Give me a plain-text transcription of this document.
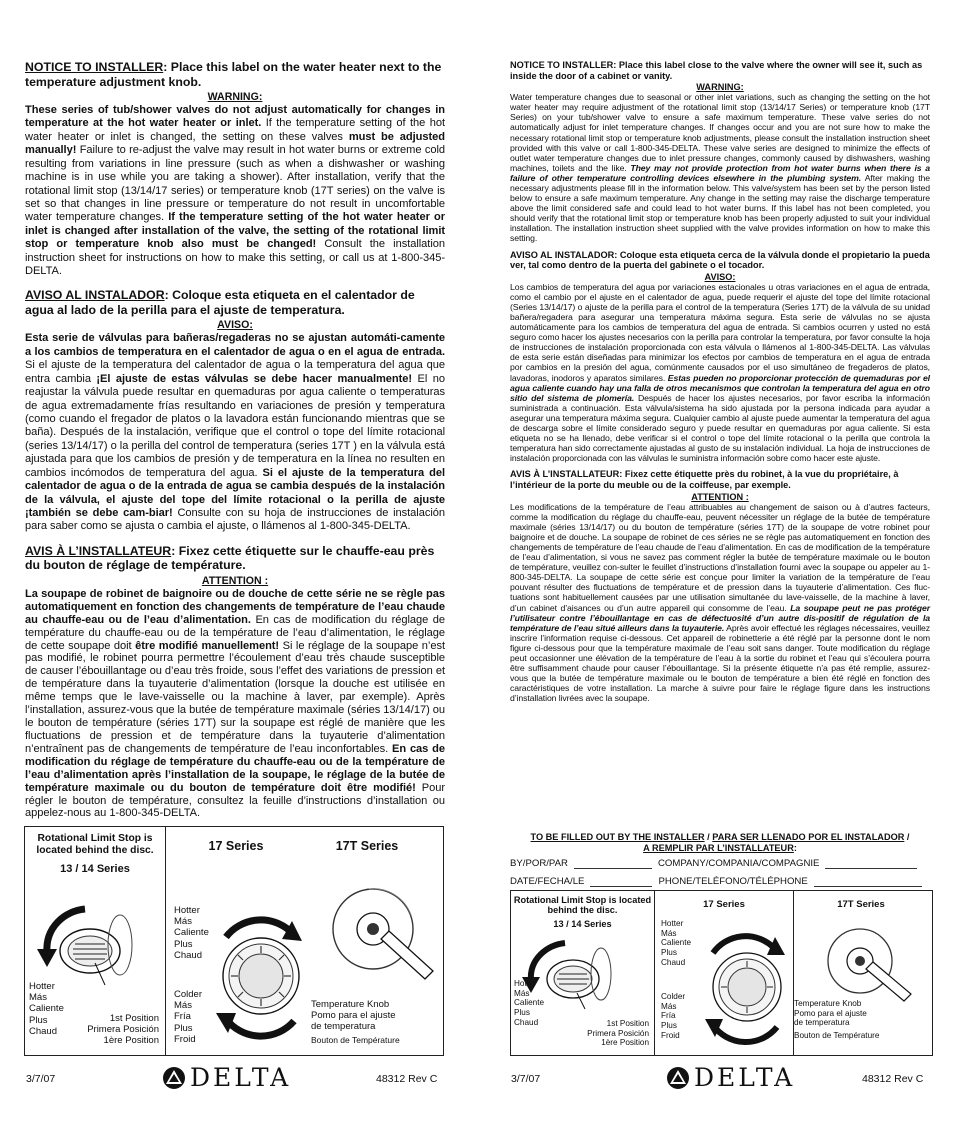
NOTICE TO INSTALLER: Place this label on the water heater next to the temperature adjustment knob.

WARNING:

These series of tub/shower valves do not adjust automatically for changes in temperature at the hot water heater or inlet. If the temperature setting of the hot water heater or inlet is changed, the setting on these valves must be adjusted manually! Failure to re-adjust the valve may result in hot water burns or extreme cold resulting from variations in line pressure (such as when a dishwasher or washing machine is in use while you are taking a shower). After installation, verify that the rotational limit stop (13/14/17 series) or temperature knob (17T series) on the valve is set so that changes in line pressure or temperature do not result in uncomfortable water temperature changes. If the temperature setting of the hot water heater or inlet is changed after installation of the valve, the setting of the rotational limit stop or temperature knob also must be changed! Consult the installation instruction sheet for instructions on how to make this setting, or call us at 1-800-345-DELTA.

AVISO AL INSTALADOR: Coloque esta etiqueta en el calentador de agua al lado de la perilla para el ajuste de temperatura.

AVISO:

Esta serie de válvulas para bañeras/regaderas no se ajustan automáti-camente a los cambios de temperatura en el calentador de agua o en el agua de entrada. Si el ajuste de la temperatura del calentador de agua o la temperatura del agua que entra cambia ¡El ajuste de estas válvulas se debe hacer manualmente! El no reajustar la válvula puede resultar en quemaduras por agua caliente o temperaturas de agua extremadamente frías resultando en variaciones de presión y temperatura (como cuando el fregador de platos o la lavadora están funcionando mientras que se baña). Después de la instalación, verifique que el control o tope del límite rotacional (series 13/14/17) o la perilla del control de temperatura (series 17T ) en la válvula está ajustada para que los cambios de presión y de temperatura en la línea no resulten en cambios incómodos de temperatura del agua. Si el ajuste de la temperatura del calentador de agua o de la entrada de agua se cambia después de la instalación de la válvula, el ajuste del tope del límite rotacional o la perilla de ajuste ¡también se debe cam-biar! Consulte con su hoja de instrucciones de instalación para saber como se ajusta o cambia el ajuste, o llámenos al 1-800-345-DELTA.

AVIS À L’INSTALLATEUR: Fixez cette étiquette sur le chauffe-eau près du bouton de réglage de température.

ATTENTION :

La soupape de robinet de baignoire ou de douche de cette série ne se règle pas automatiquement en fonction des changements de température de l’eau chaude au chauffe-eau ou de l’eau d’alimentation. En cas de modification du réglage de température du chauffe-eau ou de la température de l’eau d’alimentation, le réglage de cette soupape doit être modifié manuellement! Si le réglage de la soupape n’est pas modifié, le robinet pourra permettre l’écoulement d’eau très chaude susceptible de causer l’ébouillantage ou d’eau très froide, sous l’effet des variations de pression et de température dans la tuyauterie d’alimentation (lorsque la douche est utilisée en même temps que le lave-vaisselle ou la machine à laver, par exemple). Après l’installation, assurez-vous que la butée de température maximale (séries 13/14/17) ou le bouton de température (séries 17T) sur la soupape est réglé de manière que les fluctuations de pression et de température dans la tuyauterie d’alimentation n’entraînent pas de changements de température de l’eau inconfortables. En cas de modification du réglage de température du chauffe-eau ou de la température de l’eau d’alimentation après l’installation de la soupape, le réglage de la butée de température maximale ou du bouton de température doit être modifié! Pour régler le bouton de température, consultez la feuille d’instructions d’installation ou appelez-nous au 1-800-345-DELTA.

Rotational Limit Stop is located behind the disc.
13 / 14 Series
Hotter
Más
Caliente
Plus
Chaud
1st Position
Primera Posición
1ère Position
17 Series
Hotter
Más
Caliente
Plus
Chaud
Colder
Más
Fría
Plus
Froid
17T Series
Temperature Knob
Pomo para el ajuste
de temperatura
Bouton de Température

NOTICE TO INSTALLER: Place this label close to the valve where the owner will see it, such as inside the door of a cabinet or vanity.

WARNING:

Water temperature changes due to seasonal or other inlet variations, such as changing the setting on the hot water heater may require adjustment of the rotational limit stop (13/14/17 Series) or temperature knob (17T Series) on your tub/shower valve to ensure a safe maximum temperature. These valve series do not automatically adjust for inlet temperature changes. If changes occur and you are not sure how to make the necessary rotational limit stop or temperature knob adjustments, please consult the installation instruction sheet provided with this valve or call 1-800-345-DELTA. These valve series are designed to minimize the effects of outlet water temperature changes due to inlet pressure changes, commonly caused by dishwashers, washing machines, toilets and the like. They may not provide protection from hot water burns when there is a failure of other temperature controlling devices elsewhere in the plumbing system. After making the necessary adjustments please fill in the information below. This valve/system has been set by the person listed below to ensure a safe maximum temperature. Any change in the setting may raise the discharge temperature above the limit considered safe and could lead to hot water burns. If this label has not been completed, you should verify that the rotational limit stop or temperature knob has been properly adjusted to suit your individual installation. The installation instruction sheet supplied with the valve provides information on how to make this setting.

AVISO AL INSTALADOR: Coloque esta etiqueta cerca de la válvula donde el propietario la pueda ver, tal como dentro de la puerta del gabinete o el tocador.

AVISO:

Los cambios de temperatura del agua por variaciones estacionales u otras variaciones en el agua de entrada, como el cambio por el ajuste en el calentador de agua, puede requerir el ajuste del tope del límite rotacional (Series 13/14/17) o ajuste de la perilla para el control de la temperatura (Series 17T) de la válvula de su unidad bañera/regadera para asegurar una temperatura máxima segura. Esta serie de válvulas no se ajusta automáticamente para los cambios de temperatura del agua de entrada. Si cambios ocurren y usted no está seguro como hacer los ajustes necesarios con la perilla para controlar la temperatura, por favor consulte la hoja de instrucciones de instalación proporcionada con esta válvula o llámenos al 1-800-345-DELTA. Las válvulas de esta serie están diseñadas para minimizar los efectos por cambios de temperatura en el agua de entrada por cambios en la presión del agua, comúnmente causados por el uso simultáneo de fregaderos de platos, lavadoras, inodoros y aparatos similares. Estas pueden no proporcionar protección de quemaduras por el agua caliente cuando hay una falla de otros mecanismos que controlan la temperatura del agua en otro sitio del sistema de plomería. Después de hacer los ajustes necesarios, por favor escriba la información suministrada a continuación. Esta válvula/sistema ha sido ajustada por la persona indicada para ayudar a asegurar una temperatura máxima segura. Cualquier cambio al ajuste puede aumentar la temperatura del agua de descarga sobre el límite considerado seguro y puede resultar en quemaduras por agua caliente. Si esta etiqueta no se ha llenado, debe verificar si el control o tope del límite rotacional o la perilla que controla la temperatura han sido correctamente ajustadas al gusto de su instalación individual. La hoja de instrucciones de instalación proporcionada con las válvulas le suministra información sobre como hacer este ajuste.

AVIS À L’INSTALLATEUR: Fixez cette étiquette près du robinet, à la vue du propriétaire, à l’intérieur de la porte du meuble ou de la coiffeuse, par exemple.

ATTENTION :

Les modifications de la température de l’eau attribuables au changement de saison ou à d’autres facteurs, comme la modification du réglage du chauffe-eau, peuvent nécessiter un réglage de la butée de température maximale (séries 13/14/17) ou du bouton de température (séries 17T) de la soupape de votre robinet pour baignoire et de douche. La soupape de robinet de ces séries ne se règle pas automatiquement en fonction des changements de température de l’eau chaude de l’eau d’alimentation. En cas de modification de la température de l’eau d’alimentation, si vous ne savez pas comment régler la butée de température maximale ou le bouton de température, veuillez con-sulter le feuillet d’instructions d’installation fourni avec la soupape ou appeler au 1-800-345-DELTA. La soupape de cette série est conçue pour limiter la variation de la température de l’eau pouvant résulter des fluctuations de température et de pression dans la tuyauterie d’alimentation. Ces fluc-tuations sont habituellement causées par une utilisation simultanée du lave-vaisselle, de la machine à laver, d’un cabinet d’aisances ou d’un autre appareil qui consomme de l’eau. La soupape peut ne pas protéger l’utilisateur contre l’ébouillantage en cas de défectuosité d’un autre dis-positif de régulation de la température de l’eau situé ailleurs dans la tuyauterie. Après avoir effectué les réglages nécessaires, veuillez inscrire l’information requise ci-dessous. Cet appareil de robinetterie a été réglé par la personne dont le nom figure ci-dessous pour que la température maximale de l’eau soit sans danger. Toute modification du réglage peut occasionner une élévation de la température de l’eau à la sortie du robinet et l’eau qui s’écoulera pourra être suffisamment chaude pour causer l’ébouillantage. Si la présente étiquette n’a pas été remplie, assurez-vous que la butée de température maximale ou le bouton de température a bien été réglé en fonction des caractéristiques de votre installation. La marche à suivre pour faire le réglage figure dans les instructions d’installation livrées avec la soupape.

TO BE FILLED OUT BY THE INSTALLER / PARA SER LLENADO POR EL INSTALADOR /
A REMPLIR PAR L’INSTALLATEUR:
BY/POR/PAR	COMPANY/COMPANIA/COMPAGNIE
DATE/FECHA/LE	PHONE/TELÉFONO/TÉLÉPHONE
Rotational Limit Stop is located behind the disc.
13 / 14 Series
Hotter
Más
Caliente
Plus
Chaud	1st Position
Primera Posición
1ère Position
17 Series
Hotter
Más
Caliente
Plus
Chaud
Colder
Más
Fría
Plus
Froid
17T Series
Temperature Knob
Pomo para el ajuste
de temperatura
Bouton de Température
3/7/07	DELTA	48312 Rev C	3/7/07	DELTA	48312 Rev C
